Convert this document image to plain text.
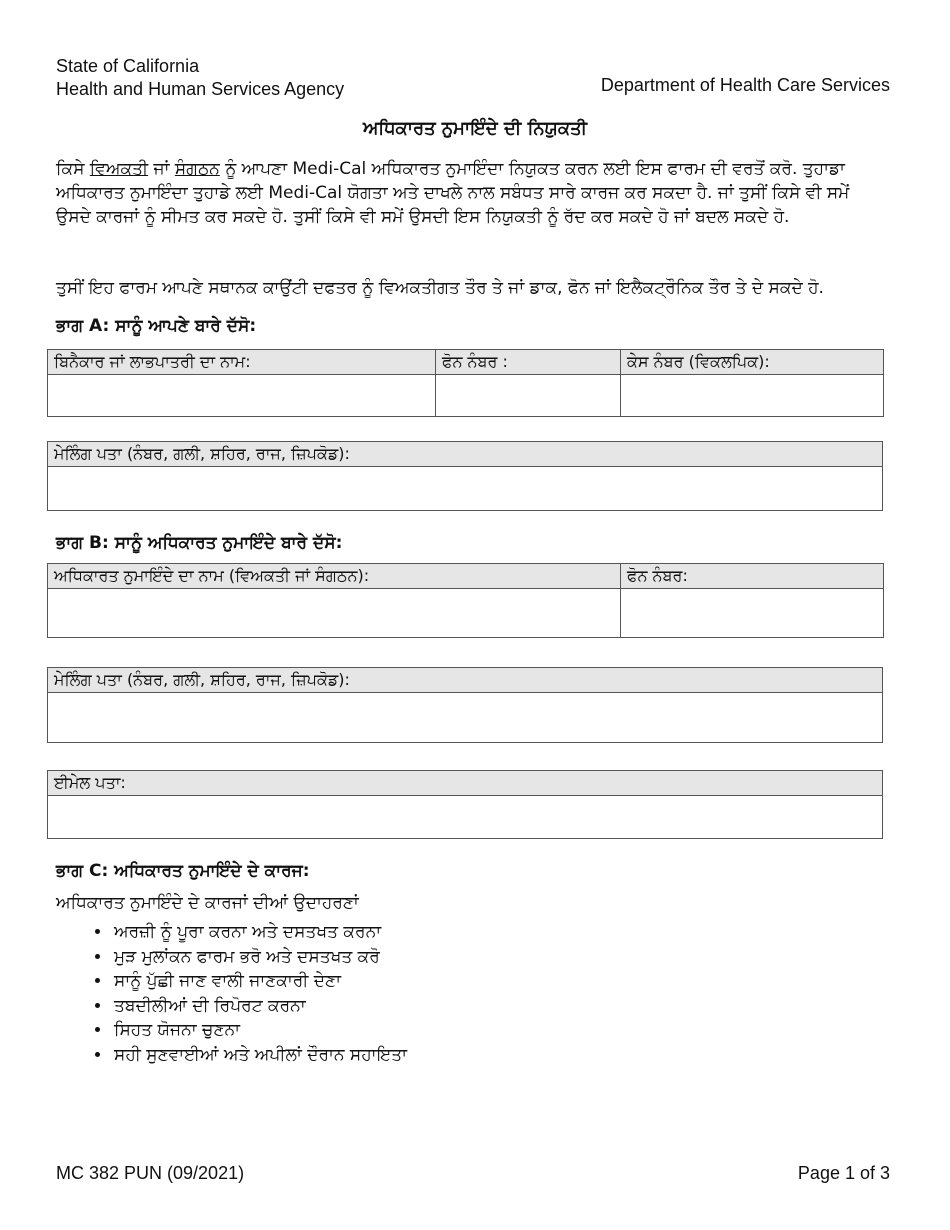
State of California
Health and Human Services Agency	Department of Health Care Services
ਅਧਿਕਾਰਤ ਨੁਮਾਇੰਦੇ ਦੀ ਨਿਯੁਕਤੀ
ਕਿਸੇ ਵਿਅਕਤੀ ਜਾਂ ਸੰਗਠਨ ਨੂੰ ਆਪਣਾ Medi-Cal ਅਧਿਕਾਰਤ ਨੁਮਾਇੰਦਾ ਨਿਯੁਕਤ ਕਰਨ ਲਈ ਇਸ ਫਾਰਮ ਦੀ ਵਰਤੋਂ ਕਰੋ. ਤੁਹਾਡਾ ਅਧਿਕਾਰਤ ਨੁਮਾਇੰਦਾ ਤੁਹਾਡੇ ਲਈ Medi-Cal ਯੋਗਤਾ ਅਤੇ ਦਾਖਲੇ ਨਾਲ ਸਬੰਧਤ ਸਾਰੇ ਕਾਰਜ ਕਰ ਸਕਦਾ ਹੈ. ਜਾਂ ਤੁਸੀਂ ਕਿਸੇ ਵੀ ਸਮੇਂ ਉਸਦੇ ਕਾਰਜਾਂ ਨੂੰ ਸੀਮਤ ਕਰ ਸਕਦੇ ਹੋ. ਤੁਸੀਂ ਕਿਸੇ ਵੀ ਸਮੇਂ ਉਸਦੀ ਇਸ ਨਿਯੁਕਤੀ ਨੂੰ ਰੱਦ ਕਰ ਸਕਦੇ ਹੋ ਜਾਂ ਬਦਲ ਸਕਦੇ ਹੋ.
ਤੁਸੀਂ ਇਹ ਫਾਰਮ ਆਪਣੇ ਸਥਾਨਕ ਕਾਉਂਟੀ ਦਫਤਰ ਨੂੰ ਵਿਅਕਤੀਗਤ ਤੌਰ ਤੇ ਜਾਂ ਡਾਕ, ਫੋਨ ਜਾਂ ਇਲੈਕਟ੍ਰੌਨਿਕ ਤੌਰ ਤੇ ਦੇ ਸਕਦੇ ਹੋ.
ਭਾਗ A: ਸਾਨੂੰ ਆਪਣੇ ਬਾਰੇ ਦੱਸੋ:
ਬਿਨੈਕਾਰ ਜਾਂ ਲਾਭਪਾਤਰੀ ਦਾ ਨਾਮ:	ਫੋਨ ਨੰਬਰ :	ਕੇਸ ਨੰਬਰ (ਵਿਕਲਪਿਕ):

ਮੇਲਿੰਗ ਪਤਾ (ਨੰਬਰ, ਗਲੀ, ਸ਼ਹਿਰ, ਰਾਜ, ਜ਼ਿਪਕੋਡ):

ਭਾਗ B: ਸਾਨੂੰ ਅਧਿਕਾਰਤ ਨੁਮਾਇੰਦੇ ਬਾਰੇ ਦੱਸੋ:
ਅਧਿਕਾਰਤ ਨੁਮਾਇੰਦੇ ਦਾ ਨਾਮ (ਵਿਅਕਤੀ ਜਾਂ ਸੰਗਠਨ):	ਫੋਨ ਨੰਬਰ:

ਮੇਲਿੰਗ ਪਤਾ (ਨੰਬਰ, ਗਲੀ, ਸ਼ਹਿਰ, ਰਾਜ, ਜ਼ਿਪਕੋਡ):

ਈਮੇਲ ਪਤਾ:

ਭਾਗ C: ਅਧਿਕਾਰਤ ਨੁਮਾਇੰਦੇ ਦੇ ਕਾਰਜ:
ਅਧਿਕਾਰਤ ਨੁਮਾਇੰਦੇ ਦੇ ਕਾਰਜਾਂ ਦੀਆਂ ਉਦਾਹਰਣਾਂ
• ਅਰਜ਼ੀ ਨੂੰ ਪੂਰਾ ਕਰਨਾ ਅਤੇ ਦਸਤਖਤ ਕਰਨਾ
• ਮੁੜ ਮੁਲਾਂਕਨ ਫਾਰਮ ਭਰੋ ਅਤੇ ਦਸਤਖਤ ਕਰੋ
• ਸਾਨੂੰ ਪੁੱਛੀ ਜਾਣ ਵਾਲੀ ਜਾਣਕਾਰੀ ਦੇਣਾ
• ਤਬਦੀਲੀਆਂ ਦੀ ਰਿਪੋਰਟ ਕਰਨਾ
• ਸਿਹਤ ਯੋਜਨਾ ਚੁਣਨਾ
• ਸਹੀ ਸੁਣਵਾਈਆਂ ਅਤੇ ਅਪੀਲਾਂ ਦੌਰਾਨ ਸਹਾਇਤਾ
MC 382 PUN (09/2021)	Page 1 of 3
